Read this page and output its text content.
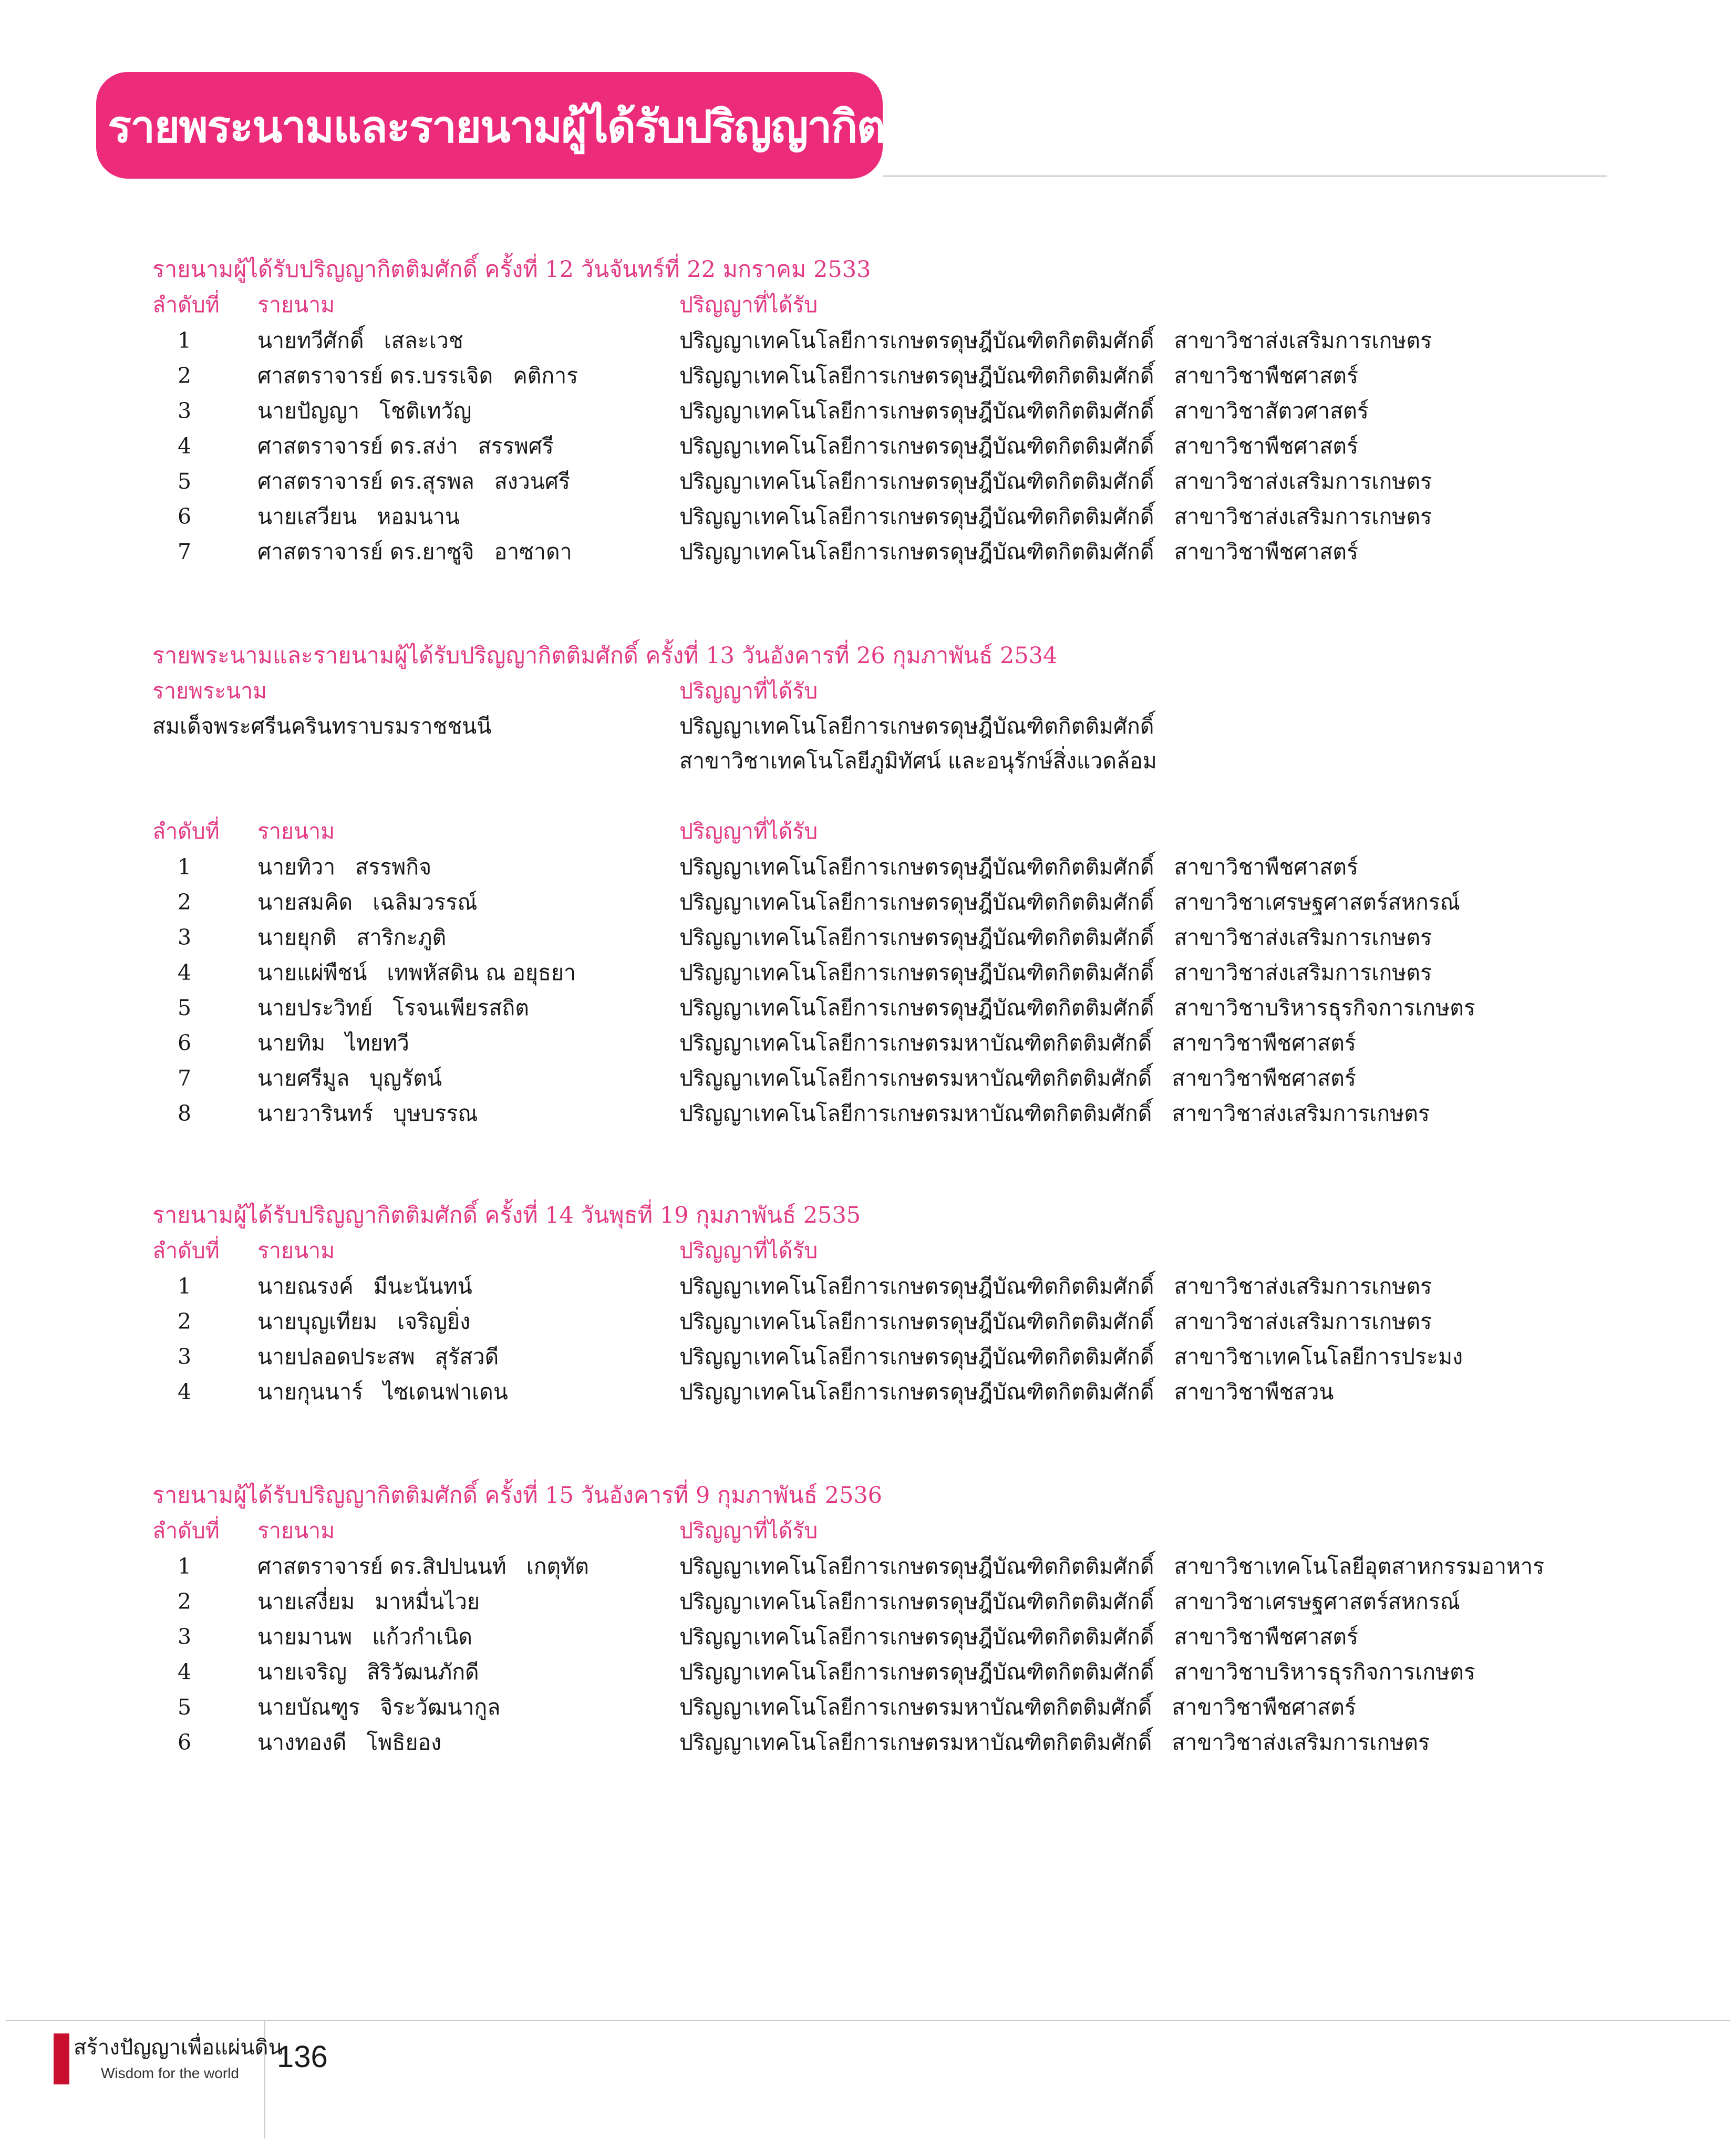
รายพระนามและรายนามผู้ได้รับปริญญากิตติมศักดิ์
รายนามผู้ได้รับปริญญากิตติมศักดิ์ ครั้งที่ 12 วันจันทร์ที่ 22 มกราคม 2533
ลำดับที่ รายนาม	ปริญญาที่ได้รับ
1	นายทวีศักดิ์ เสละเวช	ปริญญาเทคโนโลยีการเกษตรดุษฎีบัณฑิตกิตติมศักดิ์ สาขาวิชาส่งเสริมการเกษตร
2	ศาสตราจารย์ ดร.บรรเจิด คติการ	ปริญญาเทคโนโลยีการเกษตรดุษฎีบัณฑิตกิตติมศักดิ์ สาขาวิชาพืชศาสตร์
3	นายปัญญา โชติเทวัญ	ปริญญาเทคโนโลยีการเกษตรดุษฎีบัณฑิตกิตติมศักดิ์ สาขาวิชาสัตวศาสตร์
4	ศาสตราจารย์ ดร.สง่า สรรพศรี	ปริญญาเทคโนโลยีการเกษตรดุษฎีบัณฑิตกิตติมศักดิ์ สาขาวิชาพืชศาสตร์
5	ศาสตราจารย์ ดร.สุรพล สงวนศรี	ปริญญาเทคโนโลยีการเกษตรดุษฎีบัณฑิตกิตติมศักดิ์ สาขาวิชาส่งเสริมการเกษตร
6	นายเสวียน หอมนาน	ปริญญาเทคโนโลยีการเกษตรดุษฎีบัณฑิตกิตติมศักดิ์ สาขาวิชาส่งเสริมการเกษตร
7	ศาสตราจารย์ ดร.ยาซูจิ อาซาดา	ปริญญาเทคโนโลยีการเกษตรดุษฎีบัณฑิตกิตติมศักดิ์ สาขาวิชาพืชศาสตร์
รายพระนามและรายนามผู้ได้รับปริญญากิตติมศักดิ์ ครั้งที่ 13 วันอังคารที่ 26 กุมภาพันธ์ 2534
รายพระนาม	ปริญญาที่ได้รับ
สมเด็จพระศรีนครินทราบรมราชชนนี	ปริญญาเทคโนโลยีการเกษตรดุษฎีบัณฑิตกิตติมศักดิ์
สาขาวิชาเทคโนโลยีภูมิทัศน์ และอนุรักษ์สิ่งแวดล้อม
ลำดับที่ รายนาม	ปริญญาที่ได้รับ
1	นายทิวา สรรพกิจ	ปริญญาเทคโนโลยีการเกษตรดุษฎีบัณฑิตกิตติมศักดิ์ สาขาวิชาพืชศาสตร์
2	นายสมคิด เฉลิมวรรณ์	ปริญญาเทคโนโลยีการเกษตรดุษฎีบัณฑิตกิตติมศักดิ์ สาขาวิชาเศรษฐศาสตร์สหกรณ์
3	นายยุกติ สาริกะภูติ	ปริญญาเทคโนโลยีการเกษตรดุษฎีบัณฑิตกิตติมศักดิ์ สาขาวิชาส่งเสริมการเกษตร
4	นายแผ่พืชน์ เทพหัสดิน ณ อยุธยา	ปริญญาเทคโนโลยีการเกษตรดุษฎีบัณฑิตกิตติมศักดิ์ สาขาวิชาส่งเสริมการเกษตร
5	นายประวิทย์ โรจนเพียรสถิต	ปริญญาเทคโนโลยีการเกษตรดุษฎีบัณฑิตกิตติมศักดิ์ สาขาวิชาบริหารธุรกิจการเกษตร
6	นายทิม ไทยทวี	ปริญญาเทคโนโลยีการเกษตรมหาบัณฑิตกิตติมศักดิ์ สาขาวิชาพืชศาสตร์
7	นายศรีมูล บุญรัตน์	ปริญญาเทคโนโลยีการเกษตรมหาบัณฑิตกิตติมศักดิ์ สาขาวิชาพืชศาสตร์
8	นายวารินทร์ บุษบรรณ	ปริญญาเทคโนโลยีการเกษตรมหาบัณฑิตกิตติมศักดิ์ สาขาวิชาส่งเสริมการเกษตร
รายนามผู้ได้รับปริญญากิตติมศักดิ์ ครั้งที่ 14 วันพุธที่ 19 กุมภาพันธ์ 2535
ลำดับที่ รายนาม	ปริญญาที่ได้รับ
1	นายณรงค์ มีนะนันทน์	ปริญญาเทคโนโลยีการเกษตรดุษฎีบัณฑิตกิตติมศักดิ์ สาขาวิชาส่งเสริมการเกษตร
2	นายบุญเทียม เจริญยิ่ง	ปริญญาเทคโนโลยีการเกษตรดุษฎีบัณฑิตกิตติมศักดิ์ สาขาวิชาส่งเสริมการเกษตร
3	นายปลอดประสพ สุรัสวดี	ปริญญาเทคโนโลยีการเกษตรดุษฎีบัณฑิตกิตติมศักดิ์ สาขาวิชาเทคโนโลยีการประมง
4	นายกุนนาร์ ไซเดนฟาเดน	ปริญญาเทคโนโลยีการเกษตรดุษฎีบัณฑิตกิตติมศักดิ์ สาขาวิชาพืชสวน
รายนามผู้ได้รับปริญญากิตติมศักดิ์ ครั้งที่ 15 วันอังคารที่ 9 กุมภาพันธ์ 2536
ลำดับที่ รายนาม	ปริญญาที่ได้รับ
1	ศาสตราจารย์ ดร.สิปปนนท์ เกตุทัต	ปริญญาเทคโนโลยีการเกษตรดุษฎีบัณฑิตกิตติมศักดิ์ สาขาวิชาเทคโนโลยีอุตสาหกรรมอาหาร
2	นายเสงี่ยม มาหมื่นไวย	ปริญญาเทคโนโลยีการเกษตรดุษฎีบัณฑิตกิตติมศักดิ์ สาขาวิชาเศรษฐศาสตร์สหกรณ์
3	นายมานพ แก้วกำเนิด	ปริญญาเทคโนโลยีการเกษตรดุษฎีบัณฑิตกิตติมศักดิ์ สาขาวิชาพืชศาสตร์
4	นายเจริญ สิริวัฒนภักดี	ปริญญาเทคโนโลยีการเกษตรดุษฎีบัณฑิตกิตติมศักดิ์ สาขาวิชาบริหารธุรกิจการเกษตร
5	นายบัณฑูร จิระวัฒนากูล	ปริญญาเทคโนโลยีการเกษตรมหาบัณฑิตกิตติมศักดิ์ สาขาวิชาพืชศาสตร์
6	นางทองดี โพธิยอง	ปริญญาเทคโนโลยีการเกษตรมหาบัณฑิตกิตติมศักดิ์ สาขาวิชาส่งเสริมการเกษตร
สร้างปัญญาเพื่อแผ่นดิน
Wisdom for the world 136
